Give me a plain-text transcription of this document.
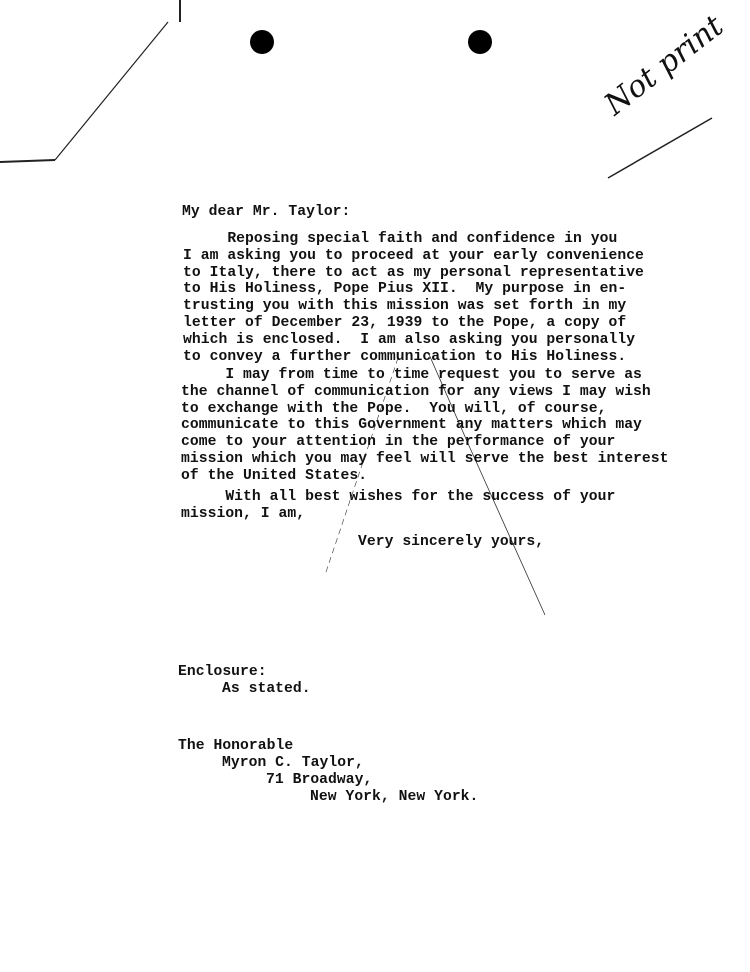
Not print
My dear Mr. Taylor:
Reposing special faith and confidence in you
I am asking you to proceed at your early convenience
to Italy, there to act as my personal representative
to His Holiness, Pope Pius XII.  My purpose in en-
trusting you with this mission was set forth in my
letter of December 23, 1939 to the Pope, a copy of
which is enclosed.  I am also asking you personally
to convey a further communication to His Holiness.
I may from time to time request you to serve as
the channel of communication for any views I may wish
to exchange with the Pope.  You will, of course,
communicate to this Government any matters which may
come to your attention in the performance of your
mission which you may feel will serve the best interest
of the United States.
With all best wishes for the success of your
mission, I am,
Very sincerely yours,
Enclosure:
As stated.
The Honorable
Myron C. Taylor,
71 Broadway,
New York, New York.
